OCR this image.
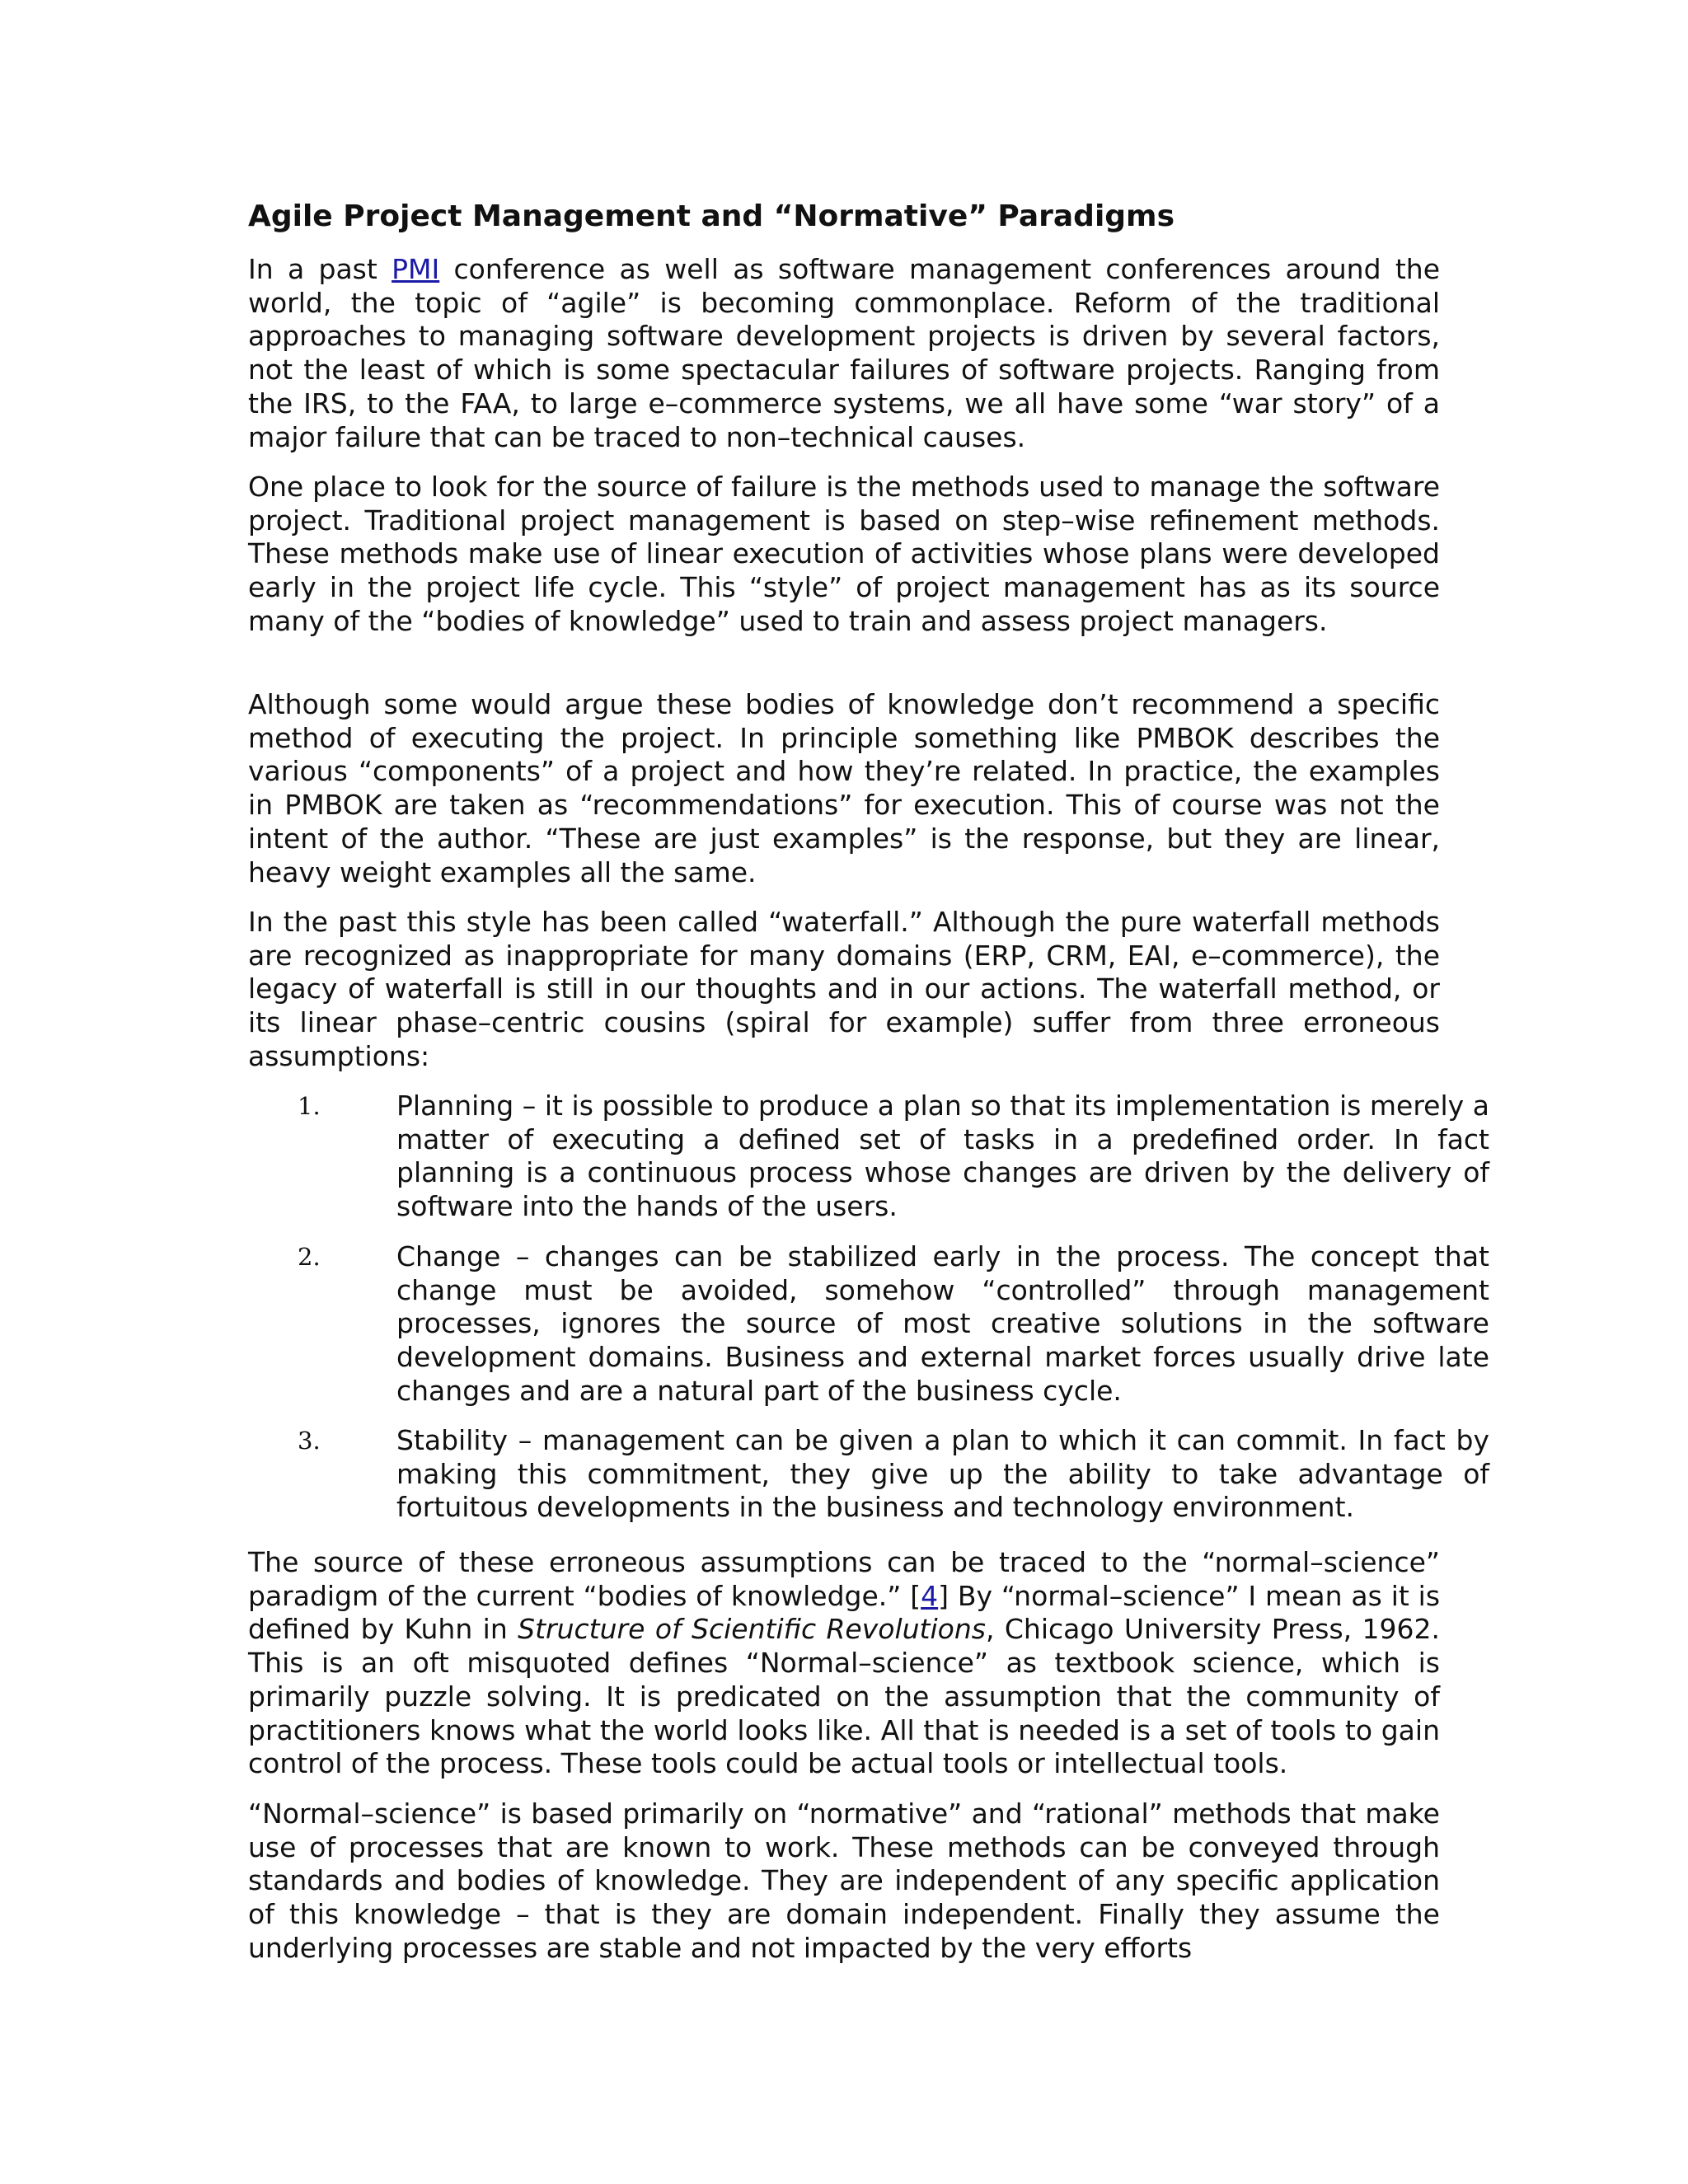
Agile Project Management and “Normative” Paradigms

In a past PMI conference as well as software management conferences around the world, the topic of “agile” is becoming commonplace. Reform of the traditional approaches to managing software development projects is driven by several factors, not the least of which is some spectacular failures of software projects. Ranging from the IRS, to the FAA, to large e–commerce systems, we all have some “war story” of a major failure that can be traced to non–technical causes.

One place to look for the source of failure is the methods used to manage the software project. Traditional project management is based on step–wise refinement methods. These methods make use of linear execution of activities whose plans were developed early in the project life cycle. This “style” of project management has as its source many of the “bodies of knowledge” used to train and assess project managers.

Although some would argue these bodies of knowledge don’t recommend a specific method of executing the project. In principle something like PMBOK describes the various “components” of a project and how they’re related. In practice, the examples in PMBOK are taken as “recommendations” for execution. This of course was not the intent of the author. “These are just examples” is the response, but they are linear, heavy weight examples all the same.

In the past this style has been called “waterfall.” Although the pure waterfall methods are recognized as inappropriate for many domains (ERP, CRM, EAI, e–commerce), the legacy of waterfall is still in our thoughts and in our actions. The waterfall method, or its linear phase–centric cousins (spiral for example) suffer from three erroneous assumptions:

1.	Planning – it is possible to produce a plan so that its implementation is merely a matter of executing a defined set of tasks in a predefined order. In fact planning is a continuous process whose changes are driven by the delivery of software into the hands of the users.

2.	Change – changes can be stabilized early in the process. The concept that change must be avoided, somehow “controlled” through management processes, ignores the source of most creative solutions in the software development domains. Business and external market forces usually drive late changes and are a natural part of the business cycle.

3.	Stability – management can be given a plan to which it can commit. In fact by making this commitment, they give up the ability to take advantage of fortuitous developments in the business and technology environment.

The source of these erroneous assumptions can be traced to the “normal–science” paradigm of the current “bodies of knowledge.” [4] By “normal–science” I mean as it is defined by Kuhn in Structure of Scientific Revolutions, Chicago University Press, 1962. This is an oft misquoted defines “Normal–science” as textbook science, which is primarily puzzle solving. It is predicated on the assumption that the community of practitioners knows what the world looks like. All that is needed is a set of tools to gain control of the process. These tools could be actual tools or intellectual tools.

“Normal–science” is based primarily on “normative” and “rational” methods that make use of processes that are known to work. These methods can be conveyed through standards and bodies of knowledge. They are independent of any specific application of this knowledge – that is they are domain independent. Finally they assume the underlying processes are stable and not impacted by the very efforts
